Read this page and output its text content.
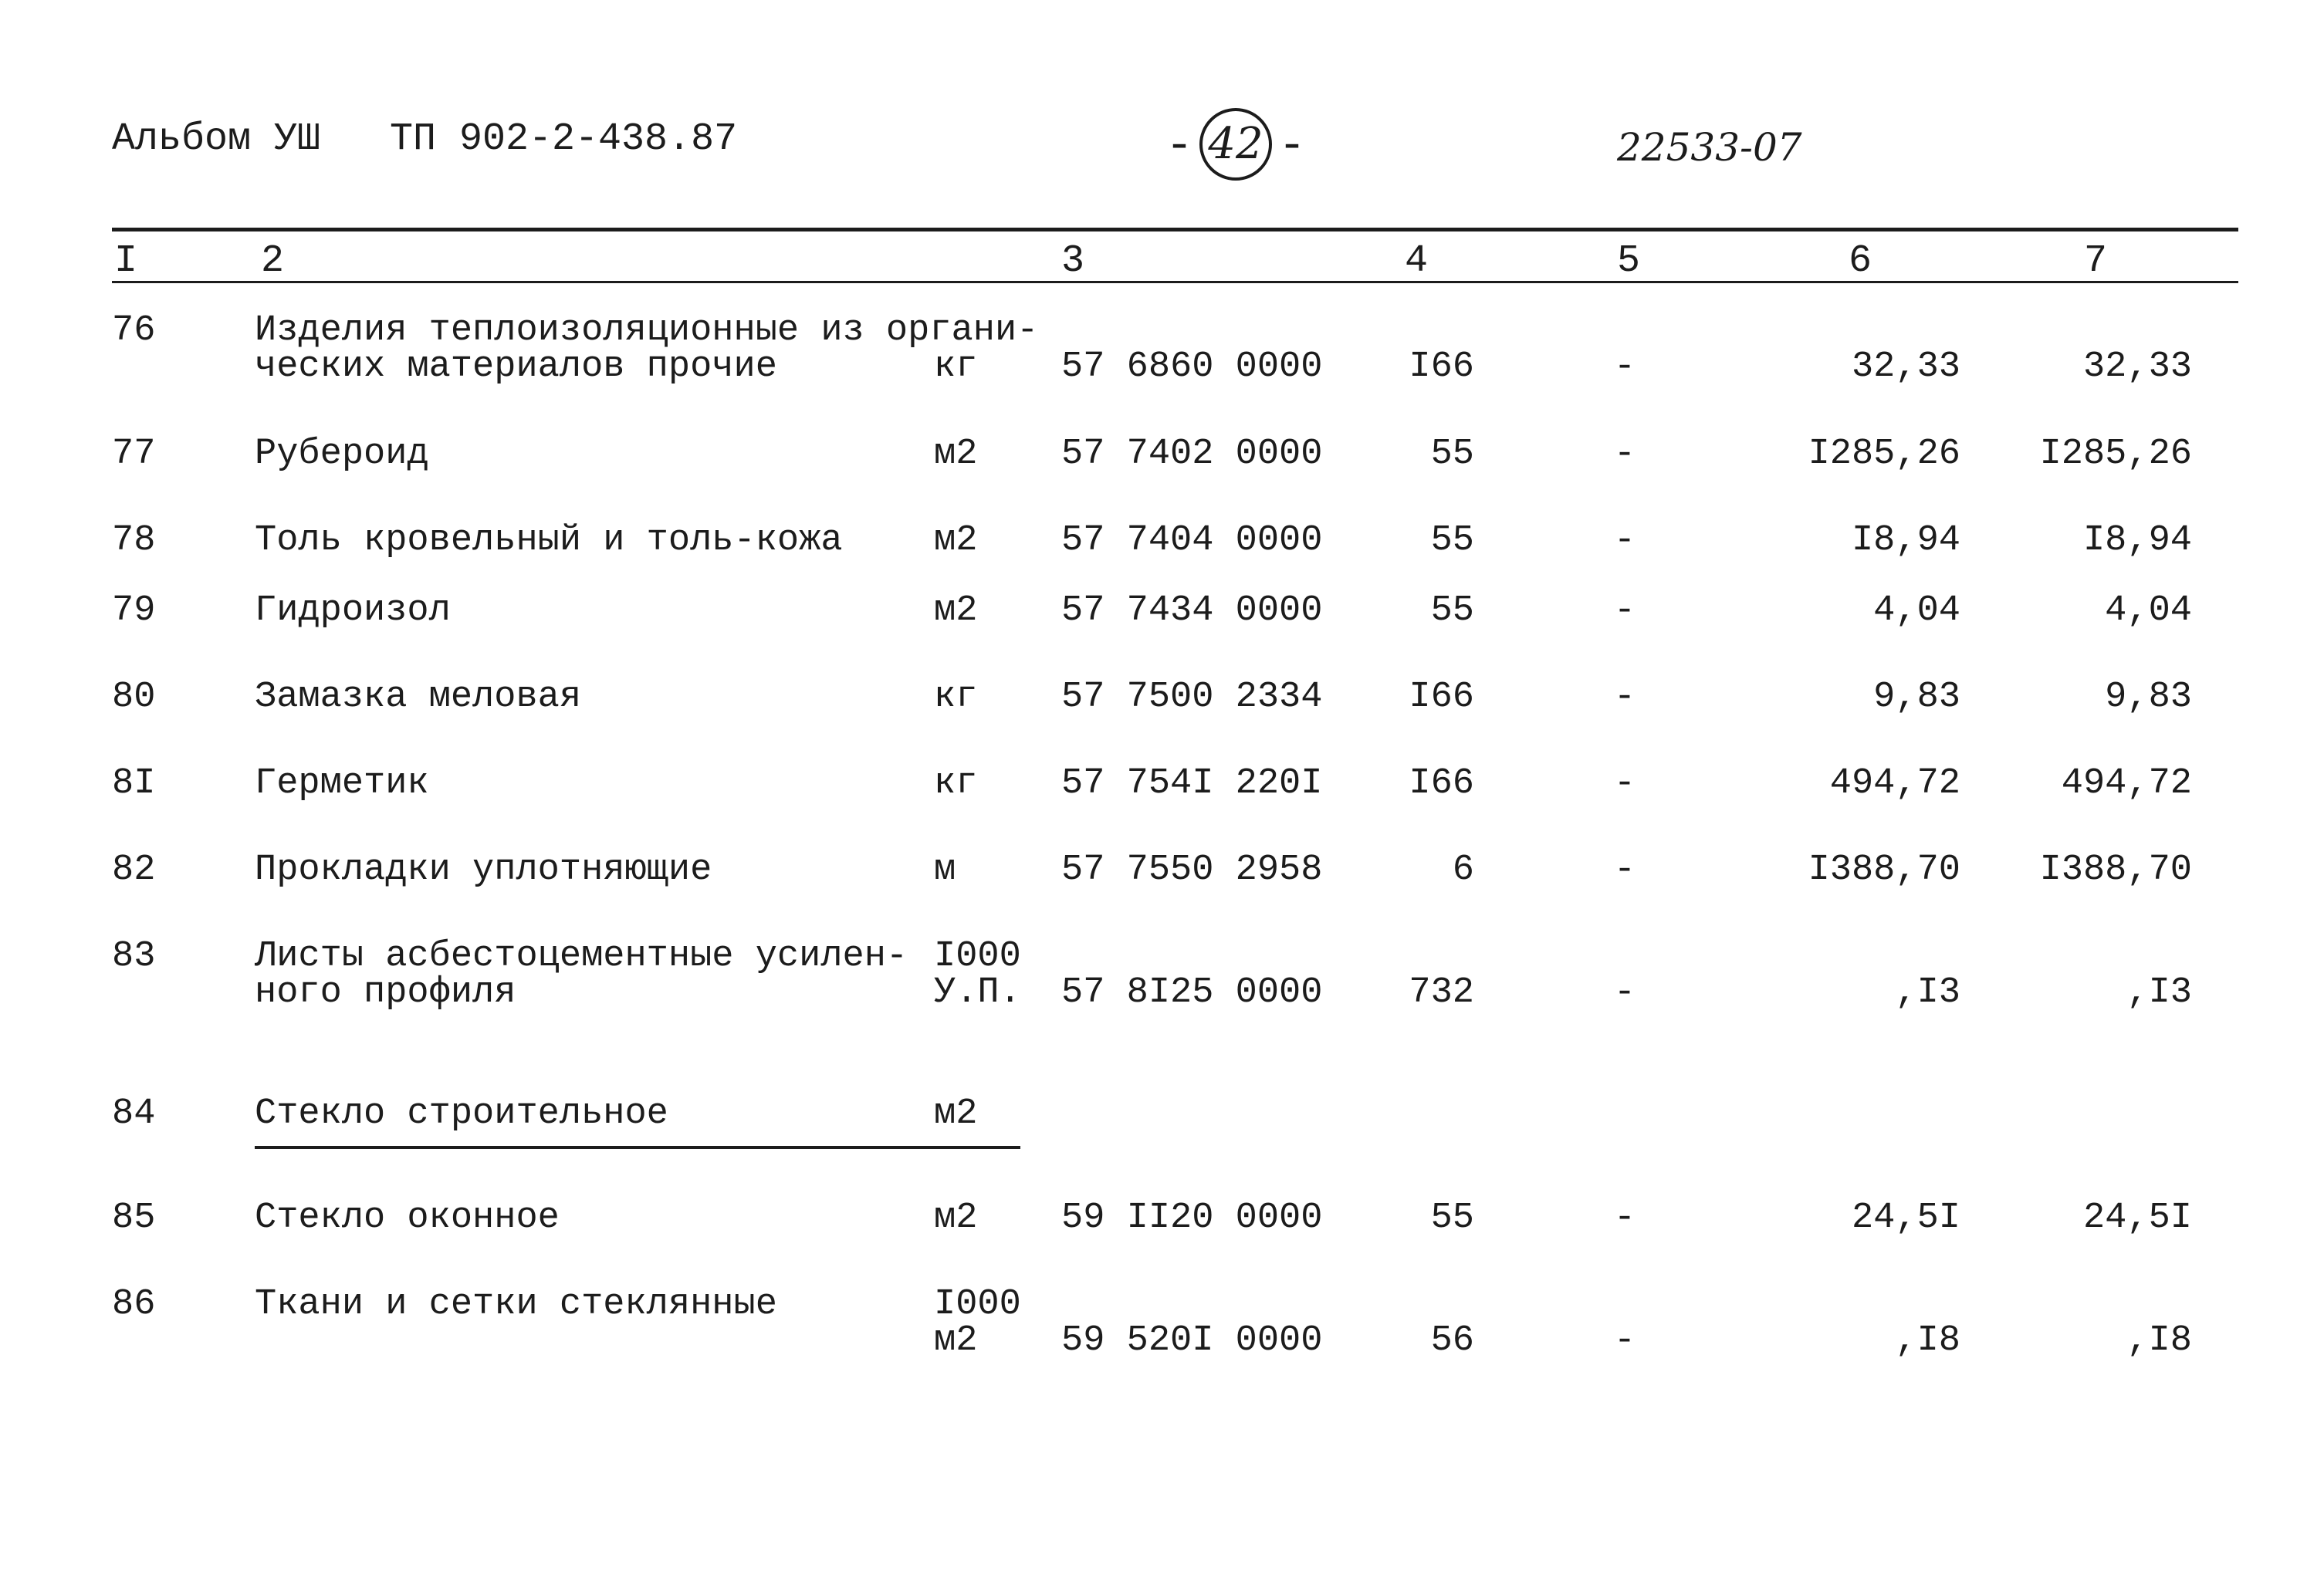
Альбом УШ ТП 902-2-438.87	- 42 -	22533-07
I	2	3	4	5	6	7
76	Изделия теплоизоляционные из органи-
ческих материалов прочие	кг 57 6860 0000	I66	-	32,33	32,33
77	Рубероид	м2 57 7402 0000	55	-	I285,26	I285,26
78	Толь кровельный и толь-кожа	м2 57 7404 0000	55	-	I8,94	I8,94
79	Гидроизол	м2 57 7434 0000	55	-	4,04	4,04
80	Замазка меловая	кг 57 7500 2334	I66	-	9,83	9,83
8I	Герметик	кг 57 754I 220I	I66	-	494,72	494,72
82	Прокладки уплотняющие	м	57 7550 2958	6	-	I388,70	I388,70
83	Листы асбестоцементные усилен-
ного профиля
I000
У.П. 57 8I25 0000	732	-	,I3	,I3
84	Стекло строительное	м2
85	Стекло оконное	м2 59 II20 0000	55	-	24,5I	24,5I
86	Ткани и сетки стеклянные	I000
м2 59 520I 0000	56	-	,I8	,I8
